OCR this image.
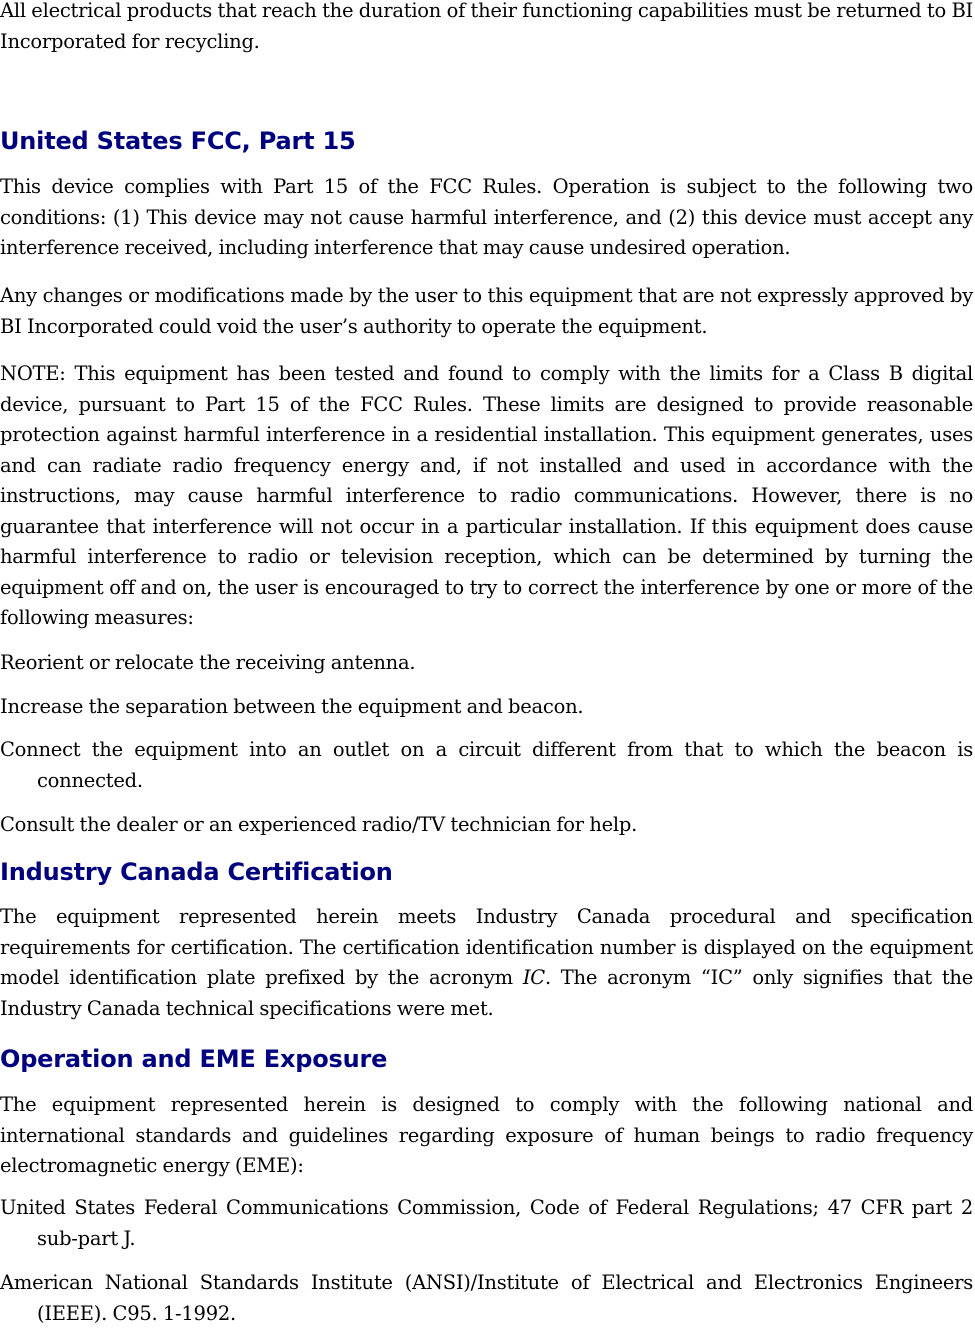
All electrical products that reach the duration of their functioning capabilities must be returned to BI Incorporated for recycling.

United States FCC, Part 15

This device complies with Part 15 of the FCC Rules. Operation is subject to the following two conditions: (1) This device may not cause harmful interference, and (2) this device must accept any interference received, including interference that may cause undesired operation.

Any changes or modifications made by the user to this equipment that are not expressly approved by BI Incorporated could void the user’s authority to operate the equipment.

NOTE: This equipment has been tested and found to comply with the limits for a Class B digital device, pursuant to Part 15 of the FCC Rules. These limits are designed to provide reasonable protection against harmful interference in a residential installation. This equipment generates, uses and can radiate radio frequency energy and, if not installed and used in accordance with the instructions, may cause harmful interference to radio communications. However, there is no guarantee that interference will not occur in a particular installation. If this equipment does cause harmful interference to radio or television reception, which can be determined by turning the equipment off and on, the user is encouraged to try to correct the interference by one or more of the following measures:

Reorient or relocate the receiving antenna.

Increase the separation between the equipment and beacon.

Connect the equipment into an outlet on a circuit different from that to which the beacon is connected.

Consult the dealer or an experienced radio/TV technician for help.

Industry Canada Certification

The equipment represented herein meets Industry Canada procedural and specification requirements for certification. The certification identification number is displayed on the equipment model identification plate prefixed by the acronym IC. The acronym “IC” only signifies that the Industry Canada technical specifications were met.

Operation and EME Exposure

The equipment represented herein is designed to comply with the following national and international standards and guidelines regarding exposure of human beings to radio frequency electromagnetic energy (EME):

United States Federal Communications Commission, Code of Federal Regulations; 47 CFR part 2 sub-part J.

American National Standards Institute (ANSI)/Institute of Electrical and Electronics Engineers (IEEE). C95. 1-1992.
